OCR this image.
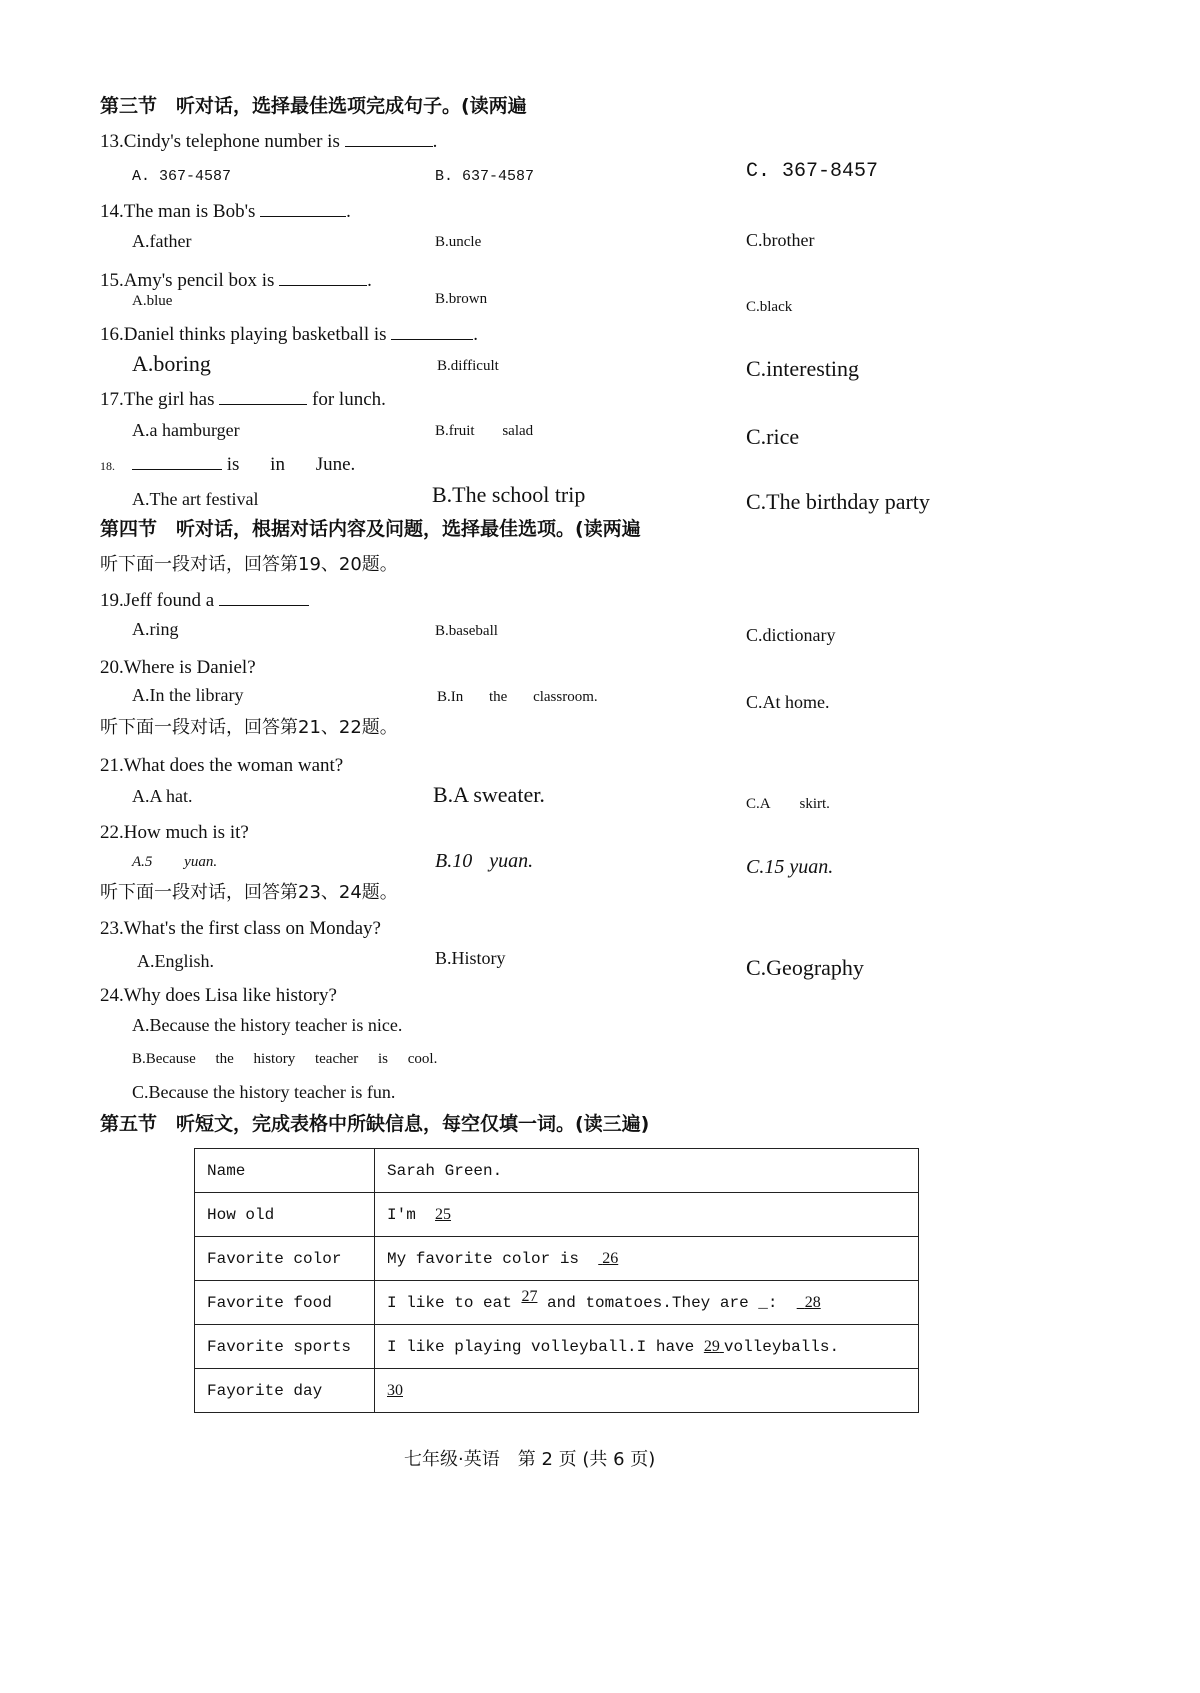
第三节　听对话，选择最佳选项完成句子。(读两遍
13.Cindy's telephone number is	.
A. 367-4587	B. 637-4587	C. 367-8457
14.The man is Bob's	.
A.father	B.uncle	C.brother
15.Amy's pencil box is	.
A.blue	B.brown	C.black
16.Daniel thinks playing basketball is	.
A.boring	B.difficult	C.interesting
17.The girl has	for lunch.
A.a hamburger	B.fruit salad	C.rice
18.	is in June.
A.The art festival	B.The school trip	C.The birthday party
第四节　听对话，根据对话内容及问题，选择最佳选项。(读两遍
听下面一段对话，回答第19、20题。
19.Jeff found a
A.ring	B.baseball	C.dictionary
20.Where is Daniel?
A.In the library	B.In the classroom.	C.At home.
听下面一段对话，回答第21、22题。
21.What does the woman want?
A.A hat.	B.A sweater.	C.A skirt.
22.How much is it?
A.5 yuan.	B.10 yuan.	C.15 yuan.
听下面一段对话，回答第23、24题。
23.What's the first class on Monday?
A.English.	B.History	C.Geography
24.Why does Lisa like history?
A.Because the history teacher is nice.
B.Because the history teacher is cool.
C.Because the history teacher is fun.
第五节　听短文，完成表格中所缺信息，每空仅填一词。(读三遍)
Name	Sarah Green.
How old	I'm 25
Favorite color	My favorite color is 26
Favorite food	I like to eat 27 and tomatoes.They are _: 28
Favorite sports	I like playing volleyball.I have 29 volleyballs.
Fayorite day	30
七年级·英语　第 2 页 (共 6 页)
